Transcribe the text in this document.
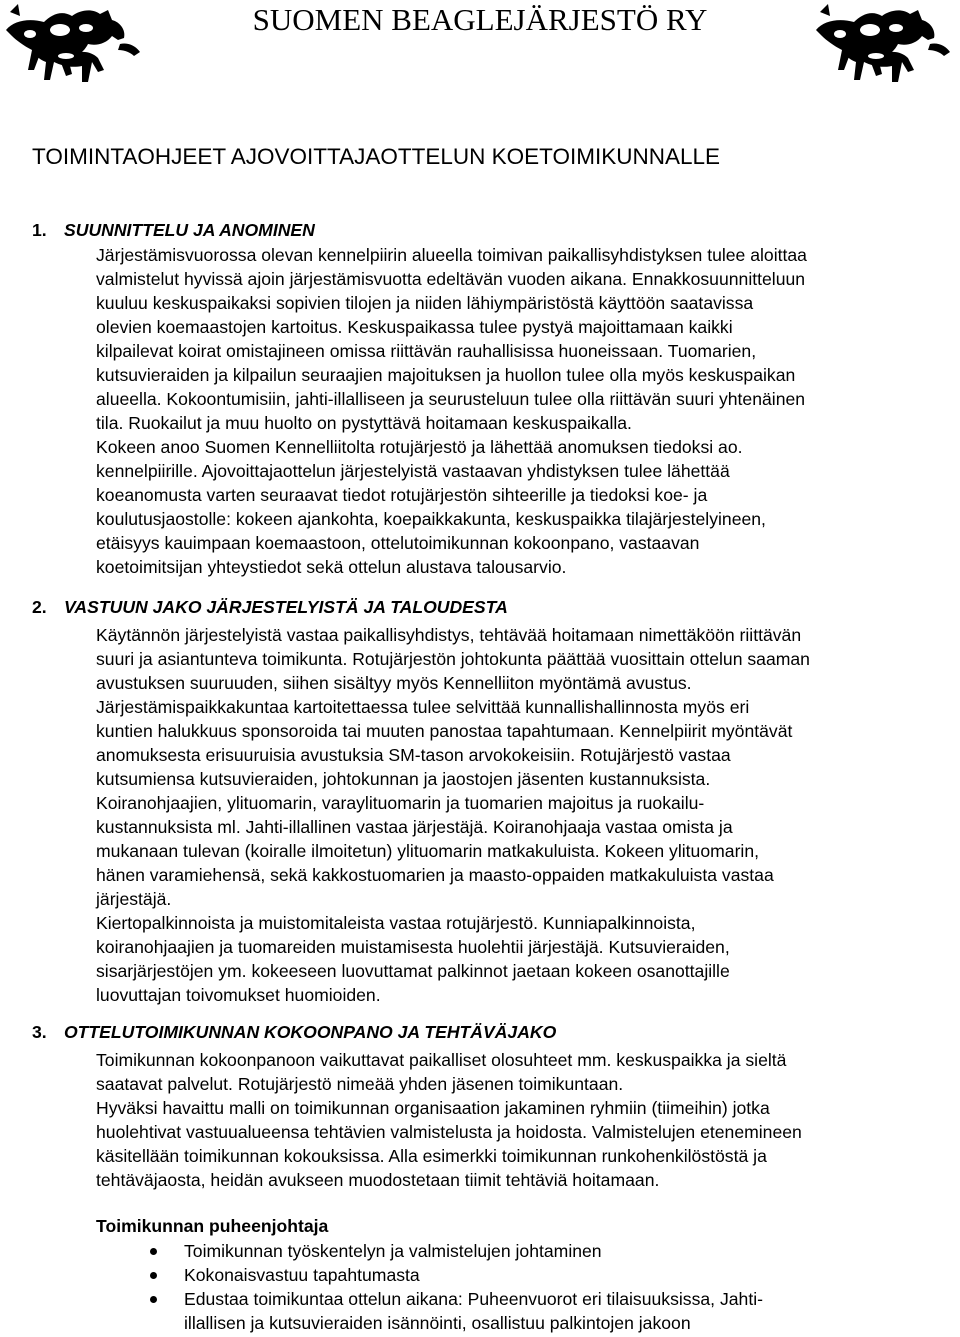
SUOMEN BEAGLEJÄRJESTÖ RY
TOIMINTAOHJEET AJOVOITTAJAOTTELUN KOETOIMIKUNNALLE
1. SUUNNITTELU JA ANOMINEN

Järjestämisvuorossa olevan kennelpiirin alueella toimivan paikallisyhdistyksen tulee aloittaa

valmistelut hyvissä ajoin järjestämisvuotta edeltävän vuoden aikana. Ennakkosuunnitteluun

kuuluu keskuspaikaksi sopivien tilojen ja niiden lähiympäristöstä käyttöön saatavissa

olevien koemaastojen kartoitus. Keskuspaikassa tulee pystyä majoittamaan kaikki

kilpailevat koirat omistajineen omissa riittävän rauhallisissa huoneissaan. Tuomarien,

kutsuvieraiden ja kilpailun seuraajien majoituksen ja huollon tulee olla myös keskuspaikan

alueella. Kokoontumisiin, jahti-illalliseen ja seurusteluun tulee olla riittävän suuri yhtenäinen

tila. Ruokailut ja muu huolto on pystyttävä hoitamaan keskuspaikalla.

Kokeen anoo Suomen Kennelliitolta rotujärjestö ja lähettää anomuksen tiedoksi ao.

kennelpiirille. Ajovoittajaottelun järjestelyistä vastaavan yhdistyksen tulee lähettää

koeanomusta varten seuraavat tiedot rotujärjestön sihteerille ja tiedoksi koe- ja

koulutusjaostolle: kokeen ajankohta, koepaikkakunta, keskuspaikka tilajärjestelyineen,

etäisyys kauimpaan koemaastoon, ottelutoimikunnan kokoonpano, vastaavan

koetoimitsijan yhteystiedot sekä ottelun alustava talousarvio.

2. VASTUUN JAKO JÄRJESTELYISTÄ JA TALOUDESTA

Käytännön järjestelyistä vastaa paikallisyhdistys, tehtävää hoitamaan nimettäköön riittävän

suuri ja asiantunteva toimikunta. Rotujärjestön johtokunta päättää vuosittain ottelun saaman

avustuksen suuruuden, siihen sisältyy myös Kennelliiton myöntämä avustus.

Järjestämispaikkakuntaa kartoitettaessa tulee selvittää kunnallishallinnosta myös eri

kuntien halukkuus sponsoroida tai muuten panostaa tapahtumaan. Kennelpiirit myöntävät

anomuksesta erisuuruisia avustuksia SM-tason arvokokeisiin. Rotujärjestö vastaa

kutsumiensa kutsuvieraiden, johtokunnan ja jaostojen jäsenten kustannuksista.

Koiranohjaajien, ylituomarin, varaylituomarin ja tuomarien majoitus ja ruokailu-

kustannuksista ml. Jahti-illallinen vastaa järjestäjä. Koiranohjaaja vastaa omista ja

mukanaan tulevan (koiralle ilmoitetun) ylituomarin matkakuluista. Kokeen ylituomarin,

hänen varamiehensä, sekä kakkostuomarien ja maasto-oppaiden matkakuluista vastaa

järjestäjä.

Kiertopalkinnoista ja muistomitaleista vastaa rotujärjestö. Kunniapalkinnoista,

koiranohjaajien ja tuomareiden muistamisesta huolehtii järjestäjä. Kutsuvieraiden,

sisarjärjestöjen ym. kokeeseen luovuttamat palkinnot jaetaan kokeen osanottajille

luovuttajan toivomukset huomioiden.

3. OTTELUTOIMIKUNNAN KOKOONPANO JA TEHTÄVÄJAKO

Toimikunnan kokoonpanoon vaikuttavat paikalliset olosuhteet mm. keskuspaikka ja sieltä

saatavat palvelut. Rotujärjestö nimeää yhden jäsenen toimikuntaan.

Hyväksi havaittu malli on toimikunnan organisaation jakaminen ryhmiin (tiimeihin) jotka

huolehtivat vastuualueensa tehtävien valmistelusta ja hoidosta. Valmistelujen etenemineen

käsitellään toimikunnan kokouksissa. Alla esimerkki toimikunnan runkohenkilöstöstä ja

tehtäväjaosta, heidän avukseen muodostetaan tiimit tehtäviä hoitamaan.

Toimikunnan puheenjohtaja
Toimikunnan työskentelyn ja valmistelujen johtaminen
Kokonaisvastuu tapahtumasta
Edustaa toimikuntaa ottelun aikana: Puheenvuorot eri tilaisuuksissa, Jahti-
illallisen ja kutsuvieraiden isännöinti, osallistuu palkintojen jakoon
